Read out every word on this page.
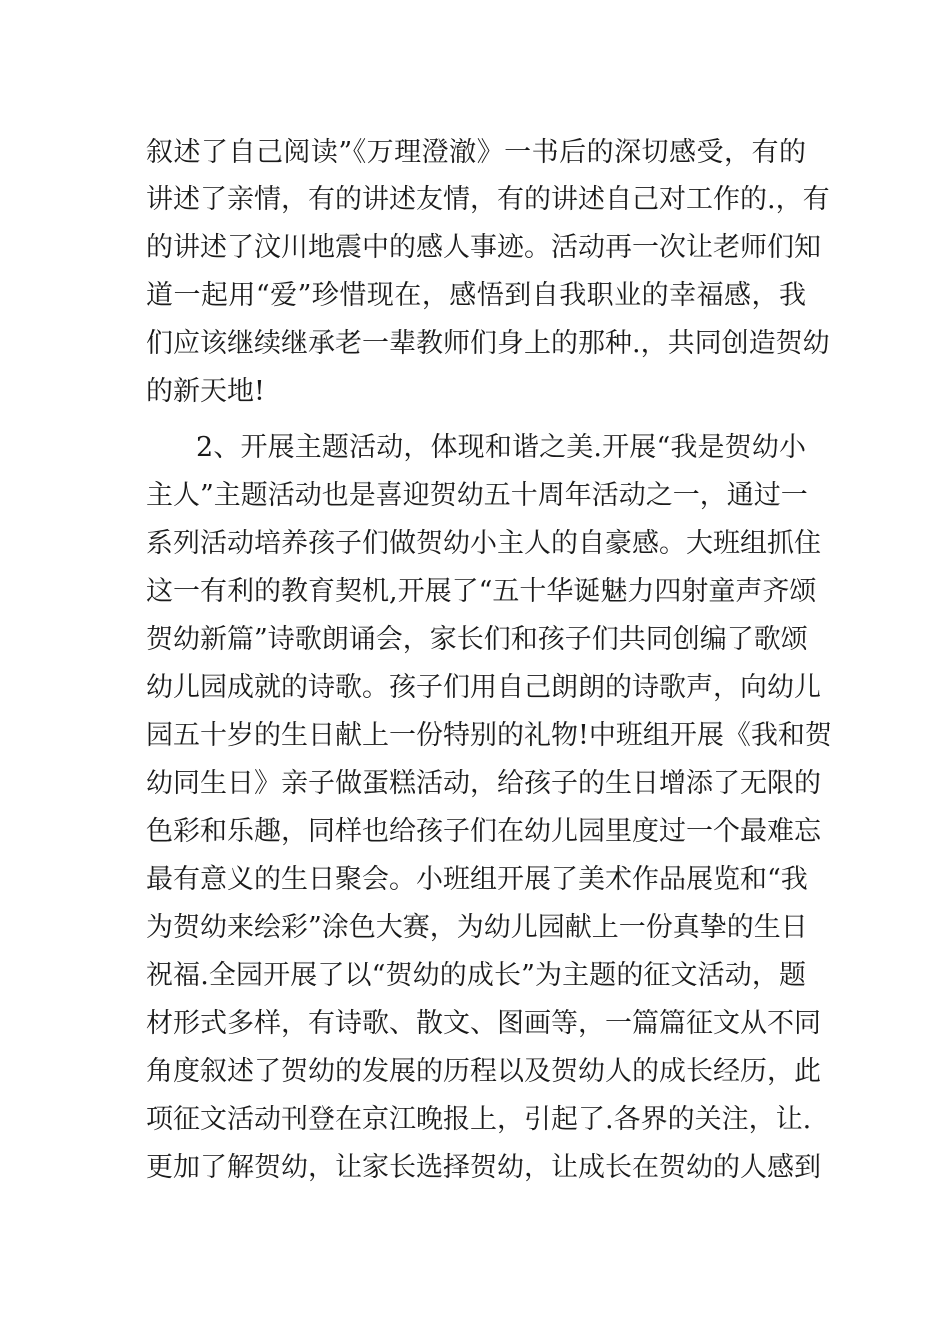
叙述了自己阅读”《万理澄澈》一书后的深切感受，有的
讲述了亲情，有的讲述友情，有的讲述自己对工作的.，有
的讲述了汶川地震中的感人事迹。活动再一次让老师们知
道一起用“爱”珍惜现在，感悟到自我职业的幸福感，我
们应该继续继承老一辈教师们身上的那种.，共同创造贺幼
的新天地!
2、开展主题活动，体现和谐之美.开展“我是贺幼小
主人”主题活动也是喜迎贺幼五十周年活动之一，通过一
系列活动培养孩子们做贺幼小主人的自豪感。大班组抓住
这一有利的教育契机,开展了“五十华诞魅力四射童声齐颂
贺幼新篇”诗歌朗诵会，家长们和孩子们共同创编了歌颂
幼儿园成就的诗歌。孩子们用自己朗朗的诗歌声，向幼儿
园五十岁的生日献上一份特别的礼物!中班组开展《我和贺
幼同生日》亲子做蛋糕活动，给孩子的生日增添了无限的
色彩和乐趣，同样也给孩子们在幼儿园里度过一个最难忘
最有意义的生日聚会。小班组开展了美术作品展览和“我
为贺幼来绘彩”涂色大赛，为幼儿园献上一份真挚的生日
祝福.全园开展了以“贺幼的成长”为主题的征文活动，题
材形式多样，有诗歌、散文、图画等，一篇篇征文从不同
角度叙述了贺幼的发展的历程以及贺幼人的成长经历，此
项征文活动刊登在京江晚报上，引起了.各界的关注，让.
更加了解贺幼，让家长选择贺幼，让成长在贺幼的人感到
